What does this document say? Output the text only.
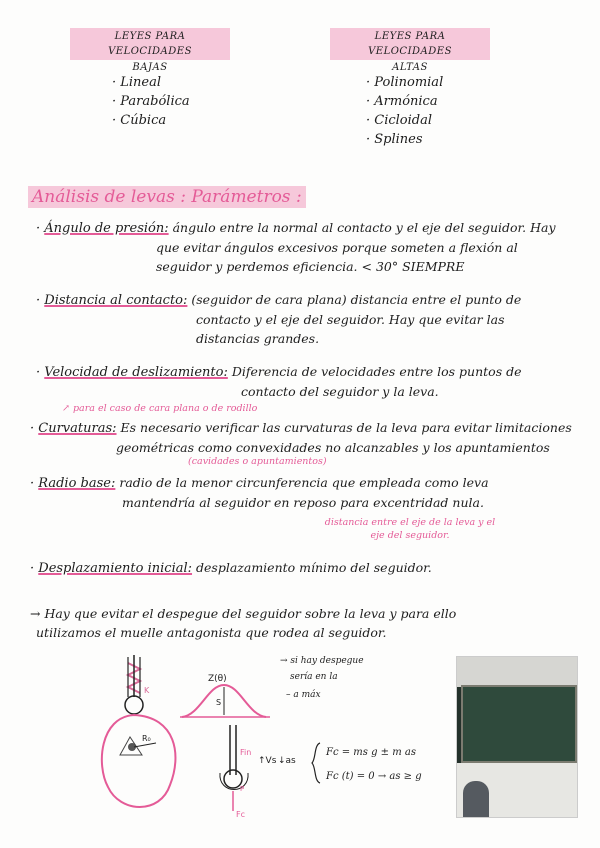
LEYES PARA VELOCIDADES
BAJAS
LEYES PARA VELOCIDADES
ALTAS
· Lineal
· Parabólica
· Cúbica
· Polinomial
· Armónica
· Cicloidal
· Splines
Análisis de levas : Parámetros :
· Ángulo de presión: ángulo entre la normal al contacto y el eje del seguidor. Hay
que evitar ángulos excesivos porque someten a flexión al
seguidor y perdemos eficiencia. < 30° SIEMPRE
· Distancia al contacto: (seguidor de cara plana) distancia entre el punto de
contacto y el eje del seguidor. Hay que evitar las
distancias grandes.
· Velocidad de deslizamiento: Diferencia de velocidades entre los puntos de
contacto del seguidor y la leva.
↗ para el caso de cara plana o de rodillo
· Curvaturas: Es necesario verificar las curvaturas de la leva para evitar limitaciones
geométricas como convexidades no alcanzables y los apuntamientos
(cavidades o apuntamientos)
· Radio base: radio de la menor circunferencia que empleada como leva
mantendría al seguidor en reposo para excentridad nula.
distancia entre el eje de la leva y el
eje del seguidor.
· Desplazamiento inicial: desplazamiento mínimo del seguidor.
→ Hay que evitar el despegue del seguidor sobre la leva y para ello
utilizamos el muelle antagonista que rodea al seguidor.
K
R₀
Z(θ)
S
→ si hay despegue
sería en la
– a máx
Fin
↑Vs ↓as
P
Fc
Fc = ms g ± m as
Fc (t) = 0 → as ≥ g
